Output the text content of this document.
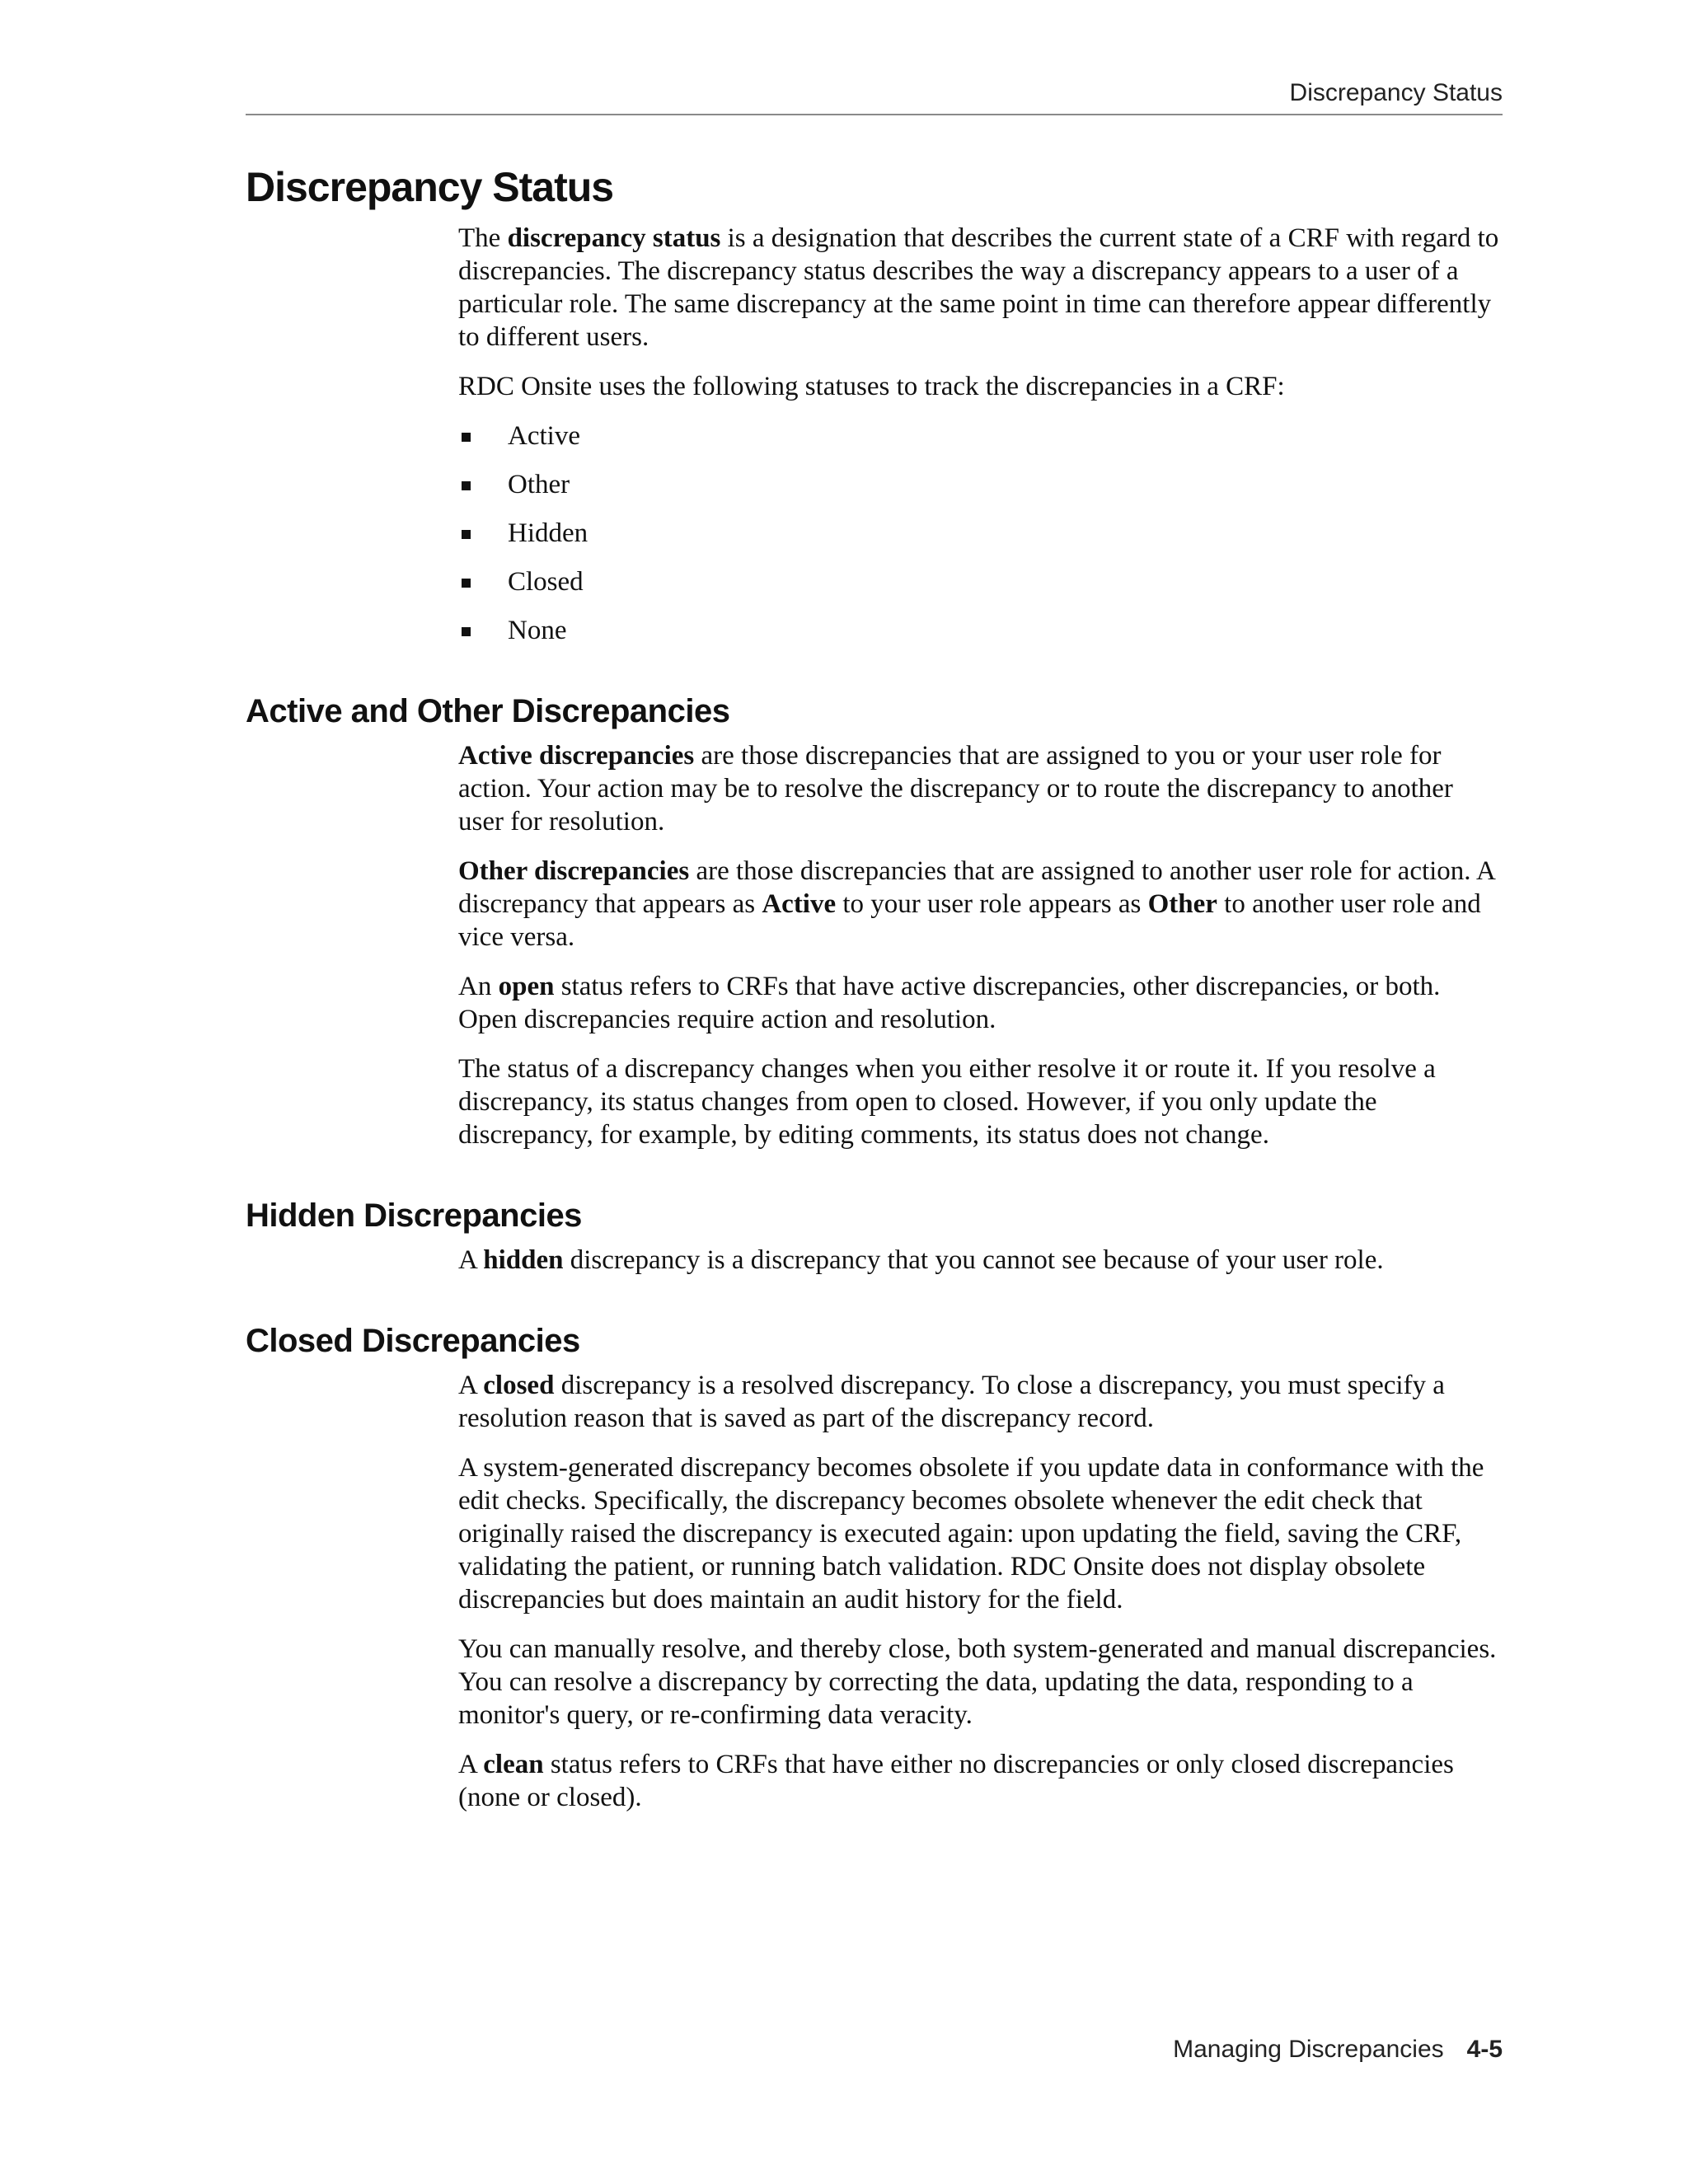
Discrepancy Status
Discrepancy Status

The discrepancy status is a designation that describes the current state of a CRF with regard to discrepancies. The discrepancy status describes the way a discrepancy appears to a user of a particular role. The same discrepancy at the same point in time can therefore appear differently to different users.

RDC Onsite uses the following statuses to track the discrepancies in a CRF:

Active
Other
Hidden
Closed
None
Active and Other Discrepancies

Active discrepancies are those discrepancies that are assigned to you or your user role for action. Your action may be to resolve the discrepancy or to route the discrepancy to another user for resolution.

Other discrepancies are those discrepancies that are assigned to another user role for action. A discrepancy that appears as Active to your user role appears as Other to another user role and vice versa.

An open status refers to CRFs that have active discrepancies, other discrepancies, or both. Open discrepancies require action and resolution.

The status of a discrepancy changes when you either resolve it or route it. If you resolve a discrepancy, its status changes from open to closed. However, if you only update the discrepancy, for example, by editing comments, its status does not change.

Hidden Discrepancies

A hidden discrepancy is a discrepancy that you cannot see because of your user role.

Closed Discrepancies

A closed discrepancy is a resolved discrepancy. To close a discrepancy, you must specify a resolution reason that is saved as part of the discrepancy record.

A system-generated discrepancy becomes obsolete if you update data in conformance with the edit checks. Specifically, the discrepancy becomes obsolete whenever the edit check that originally raised the discrepancy is executed again: upon updating the field, saving the CRF, validating the patient, or running batch validation. RDC Onsite does not display obsolete discrepancies but does maintain an audit history for the field.

You can manually resolve, and thereby close, both system-generated and manual discrepancies. You can resolve a discrepancy by correcting the data, updating the data, responding to a monitor's query, or re-confirming data veracity.

A clean status refers to CRFs that have either no discrepancies or only closed discrepancies (none or closed).

Managing Discrepancies 4-5
